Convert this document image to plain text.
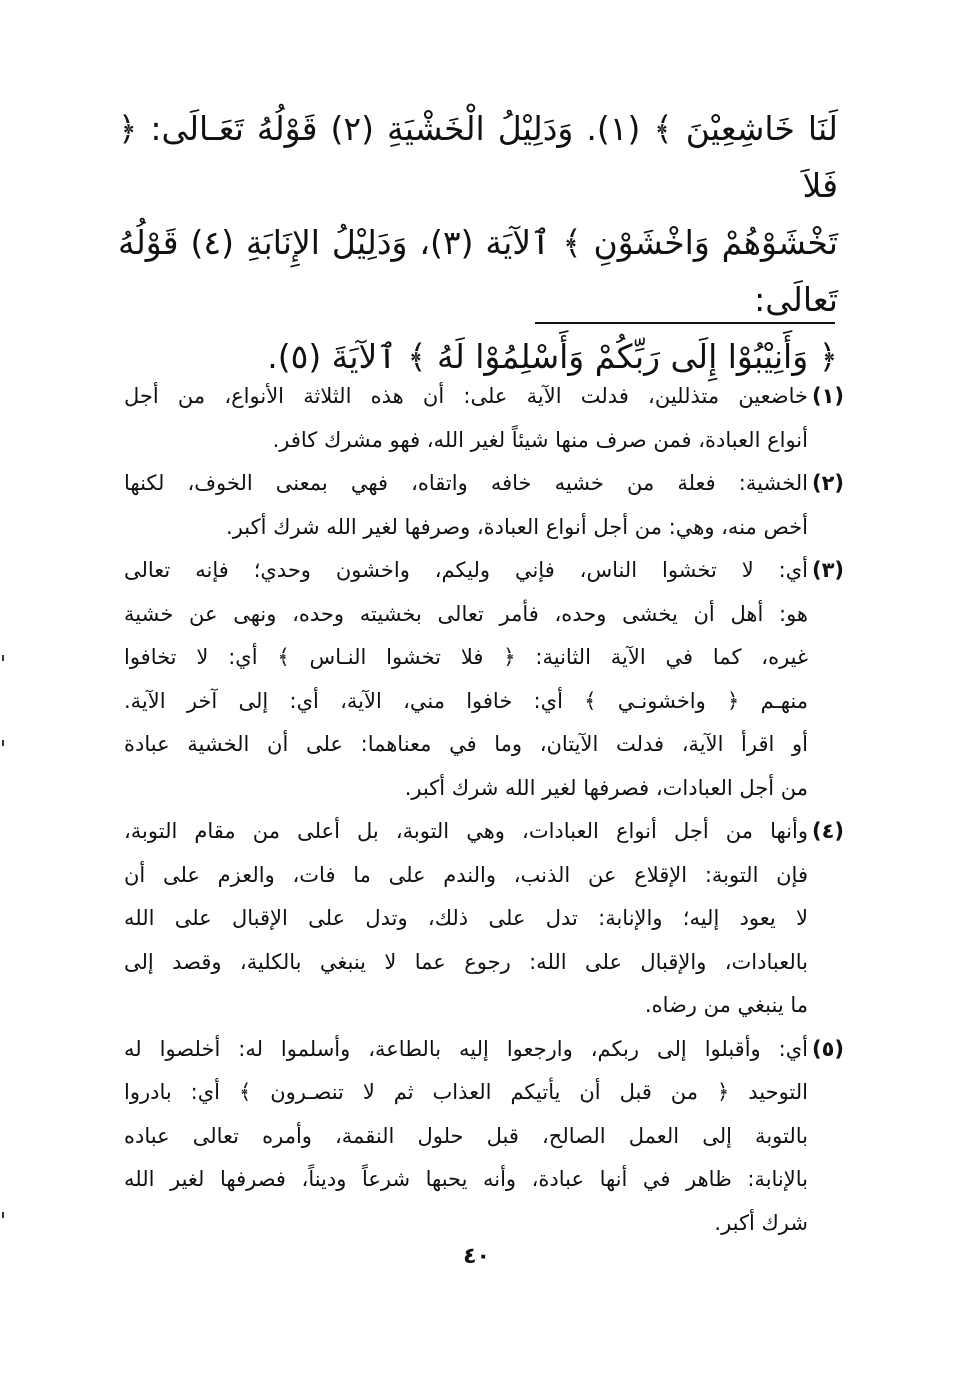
لَنَا خَاشِعِيْنَ ﴾ (١). وَدَلِيْلُ الْخَشْيَةِ (٢) قَوْلُهُ تَعَـالَى: ﴿ فَلاَ
تَخْشَوْهُمْ وَاخْشَوْنِ ﴾ ٱلآيَة (٣)، وَدَلِيْلُ الإِنَابَةِ (٤) قَوْلُهُ تَعالَى:
﴿ وَأَنِيْبُوْا إِلَى رَبِّكُمْ وَأَسْلِمُوْا لَهُ ﴾ ٱلآيَةَ (٥).
(١)
خاضعين متذللين، فدلت الآية على: أن هذه الثلاثة الأنواع، من أجل
أنواع العبادة، فمن صرف منها شيئاً لغير الله، فهو مشرك كافر.
(٢)
الخشية: فعلة من خشيه خافه واتقاه، فهي بمعنى الخوف، لكنها
أخص منه، وهي: من أجل أنواع العبادة، وصرفها لغير الله شرك أكبر.
(٣)
أي: لا تخشوا الناس، فإني وليكم، واخشون وحدي؛ فإنه تعالى
هو: أهل أن يخشى وحده، فأمر تعالى بخشيته وحده، ونهى عن خشية
غيره، كما في الآية الثانية: ﴿ فلا تخشوا النـاس ﴾ أي: لا تخافوا
منهـم ﴿ واخشونـي ﴾ أي: خافوا مني، الآية، أي: إلى آخر الآية.
أو اقرأ الآية، فدلت الآيتان، وما في معناهما: على أن الخشية عبادة
من أجل العبادات، فصرفها لغير الله شرك أكبر.
(٤)
وأنها من أجل أنواع العبادات، وهي التوبة، بل أعلى من مقام التوبة،
فإن التوبة: الإقلاع عن الذنب، والندم على ما فات، والعزم على أن
لا يعود إليه؛ والإنابة: تدل على ذلك، وتدل على الإقبال على الله
بالعبادات، والإقبال على الله: رجوع عما لا ينبغي بالكلية، وقصد إلى
ما ينبغي من رضاه.
(٥)
أي: وأقبلوا إلى ربكم، وارجعوا إليه بالطاعة، وأسلموا له: أخلصوا له
التوحيد ﴿ من قبل أن يأتيكم العذاب ثم لا تنصـرون ﴾ أي: بادروا
بالتوبة إلى العمل الصالح، قبل حلول النقمة، وأمره تعالى عباده
بالإنابة: ظاهر في أنها عبادة، وأنه يحبها شرعاً وديناً، فصرفها لغير الله
شرك أكبر.
٤٠
